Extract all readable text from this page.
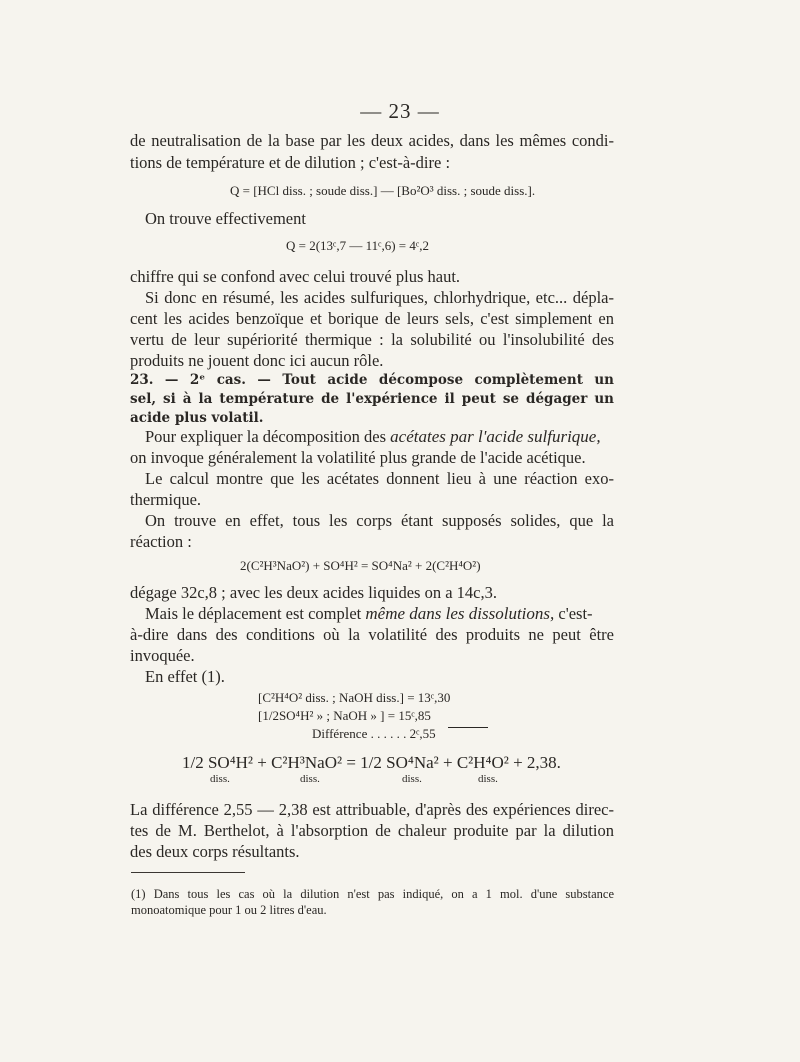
— 23 —
de neutralisation de la base par les deux acides, dans les mêmes condi-
tions de température et de dilution ; c'est-à-dire :
Q = [HCl diss. ; soude diss.] — [Bo²O³ diss. ; soude diss.].
On trouve effectivement
Q = 2(13ᶜ,7 — 11ᶜ,6) = 4ᶜ,2
chiffre qui se confond avec celui trouvé plus haut.
Si donc en résumé, les acides sulfuriques, chlorhydrique, etc... dépla-
cent les acides benzoïque et borique de leurs sels, c'est simplement en
vertu de leur supériorité thermique : la solubilité ou l'insolubilité des
produits ne jouent donc ici aucun rôle.
23. — 2ᵉ cas. — Tout acide décompose complètement un
sel, si à la température de l'expérience il peut se dégager un
acide plus volatil.
Pour expliquer la décomposition des acétates par l'acide sulfurique,
on invoque généralement la volatilité plus grande de l'acide acétique.
Le calcul montre que les acétates donnent lieu à une réaction exo-
thermique.
On trouve en effet, tous les corps étant supposés solides, que la
réaction :
2(C²H³NaO²) + SO⁴H² = SO⁴Na² + 2(C²H⁴O²)
dégage 32c,8 ; avec les deux acides liquides on a 14c,3.
Mais le déplacement est complet même dans les dissolutions, c'est-
à-dire dans des conditions où la volatilité des produits ne peut être
invoquée.
En effet (1).
[C²H⁴O² diss. ; NaOH diss.] = 13ᶜ,30
[1/2SO⁴H² » ; NaOH » ] = 15ᶜ,85
Différence . . . . . . 2ᶜ,55
1/2 SO⁴H² + C²H³NaO² = 1/2 SO⁴Na² + C²H⁴O² + 2,38.
diss.	diss.	diss.	diss.
La différence 2,55 — 2,38 est attribuable, d'après des expériences direc-
tes de M. Berthelot, à l'absorption de chaleur produite par la dilution
des deux corps résultants.
(1) Dans tous les cas où la dilution n'est pas indiqué, on a 1 mol. d'une substance
monoatomique pour 1 ou 2 litres d'eau.
